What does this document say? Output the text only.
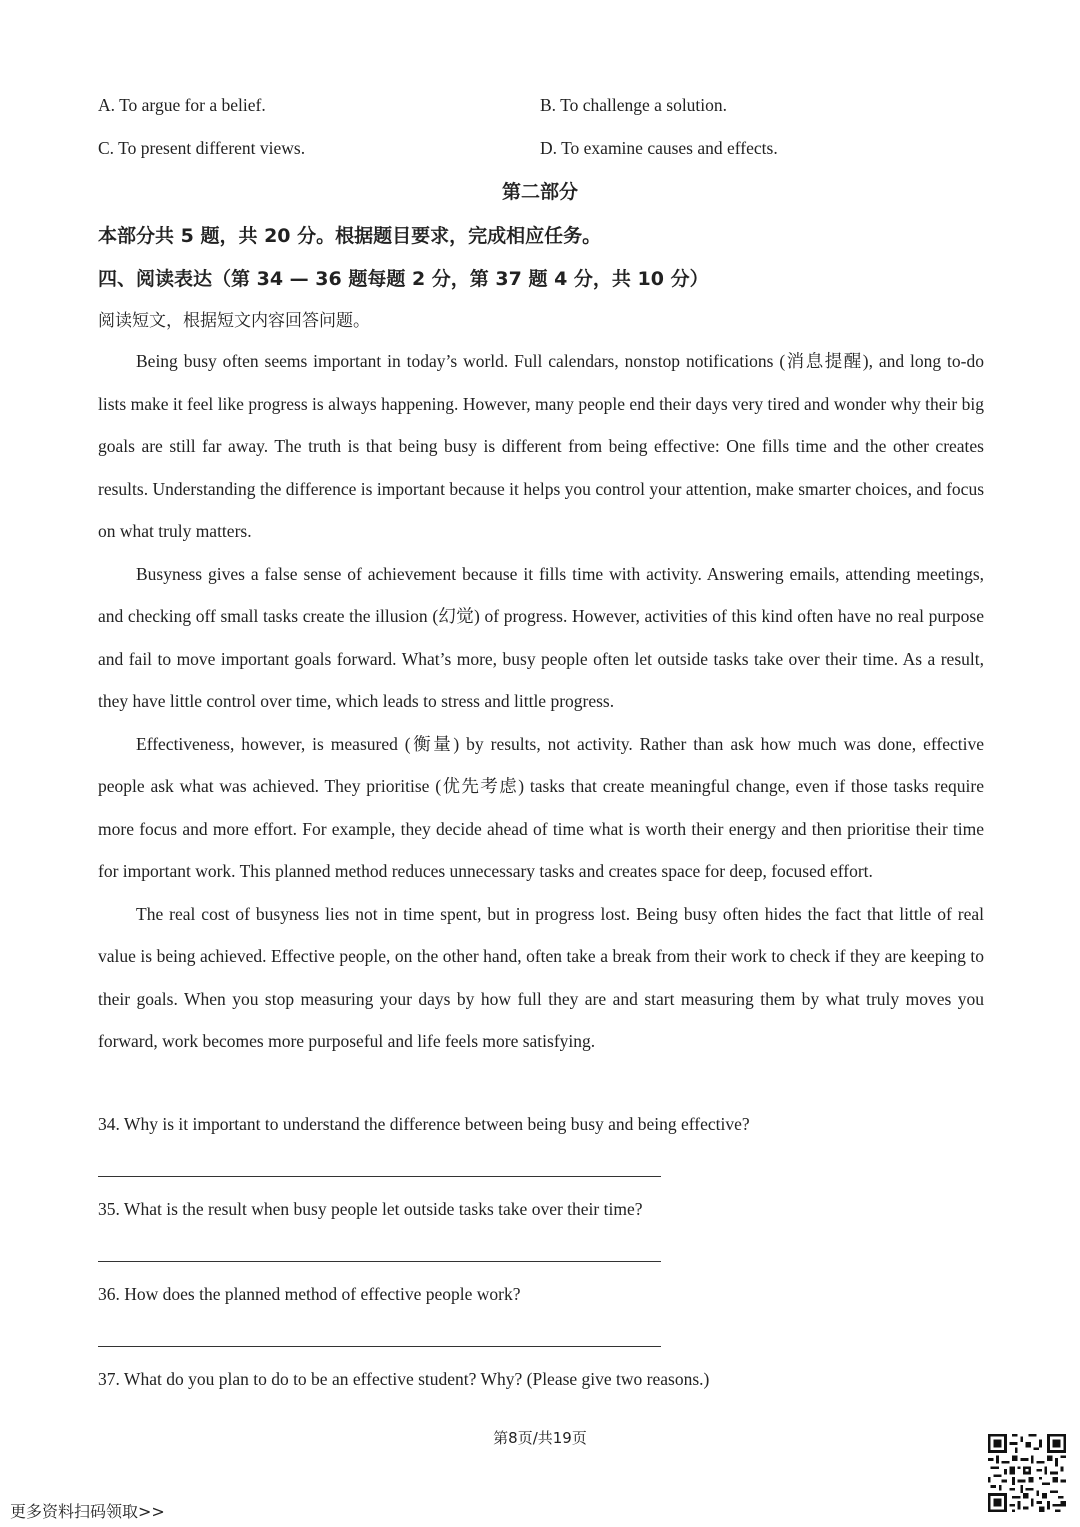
A. To argue for a belief.	B. To challenge a solution.
C. To present different views.	D. To examine causes and effects.
第二部分
本部分共 5 题，共 20 分。根据题目要求，完成相应任务。
四、阅读表达（第 34 — 36 题每题 2 分，第 37 题 4 分，共 10 分）
阅读短文，根据短文内容回答问题。

Being busy often seems important in today’s world. Full calendars, nonstop notifications (消息提醒), and long to-do lists make it feel like progress is always happening. However, many people end their days very tired and wonder why their big goals are still far away. The truth is that being busy is different from being effective: One fills time and the other creates results. Understanding the difference is important because it helps you control your attention, make smarter choices, and focus on what truly matters.

Busyness gives a false sense of achievement because it fills time with activity. Answering emails, attending meetings, and checking off small tasks create the illusion (幻觉) of progress. However, activities of this kind often have no real purpose and fail to move important goals forward. What’s more, busy people often let outside tasks take over their time. As a result, they have little control over time, which leads to stress and little progress.

Effectiveness, however, is measured (衡量) by results, not activity. Rather than ask how much was done, effective people ask what was achieved. They prioritise (优先考虑) tasks that create meaningful change, even if those tasks require more focus and more effort. For example, they decide ahead of time what is worth their energy and then prioritise their time for important work. This planned method reduces unnecessary tasks and creates space for deep, focused effort.

The real cost of busyness lies not in time spent, but in progress lost. Being busy often hides the fact that little of real value is being achieved. Effective people, on the other hand, often take a break from their work to check if they are keeping to their goals. When you stop measuring your days by how full they are and start measuring them by what truly moves you forward, work becomes more purposeful and life feels more satisfying.

34. Why is it important to understand the difference between being busy and being effective?
35. What is the result when busy people let outside tasks take over their time?
36. How does the planned method of effective people work?
37. What do you plan to do to be an effective student? Why? (Please give two reasons.)
第8页/共19页
更多资料扫码领取>>
